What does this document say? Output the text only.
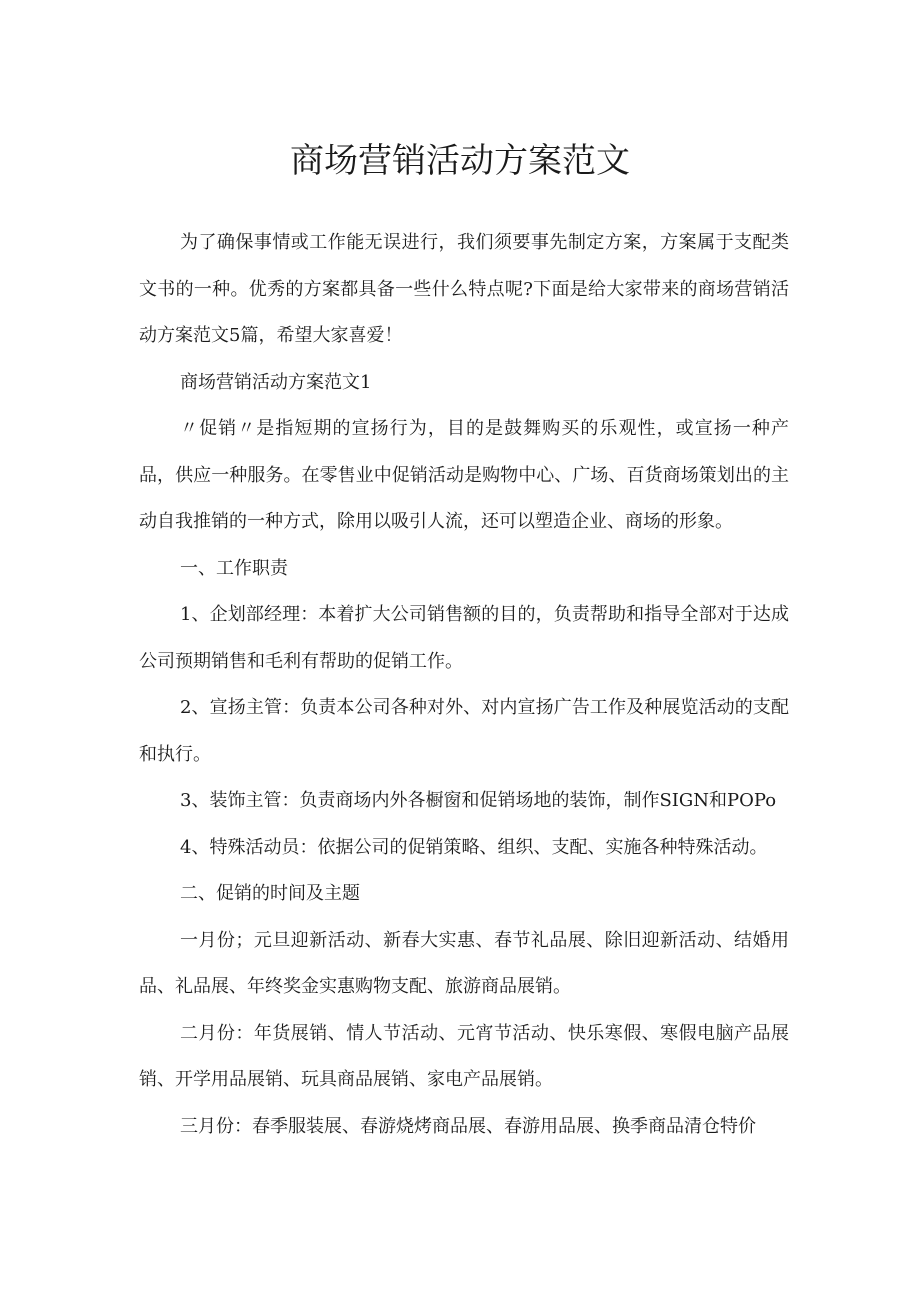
商场营销活动方案范文

为了确保事情或工作能无误进行，我们须要事先制定方案，方案属于支配类文书的一种。优秀的方案都具备一些什么特点呢?下面是给大家带来的商场营销活动方案范文5篇，希望大家喜爱！

商场营销活动方案范文1

〃促销〃是指短期的宣扬行为，目的是鼓舞购买的乐观性，或宣扬一种产品，供应一种服务。在零售业中促销活动是购物中心、广场、百货商场策划出的主动自我推销的一种方式，除用以吸引人流，还可以塑造企业、商场的形象。

一、工作职责

1、企划部经理：本着扩大公司销售额的目的，负责帮助和指导全部对于达成公司预期销售和毛利有帮助的促销工作。

2、宣扬主管：负责本公司各种对外、对内宣扬广告工作及种展览活动的支配和执行。

3、装饰主管：负责商场内外各橱窗和促销场地的装饰，制作SIGN和POPo

4、特殊活动员：依据公司的促销策略、组织、支配、实施各种特殊活动。

二、促销的时间及主题

一月份；元旦迎新活动、新春大实惠、春节礼品展、除旧迎新活动、结婚用品、礼品展、年终奖金实惠购物支配、旅游商品展销。

二月份：年货展销、情人节活动、元宵节活动、快乐寒假、寒假电脑产品展销、开学用品展销、玩具商品展销、家电产品展销。

三月份：春季服装展、春游烧烤商品展、春游用品展、换季商品清仓特价
